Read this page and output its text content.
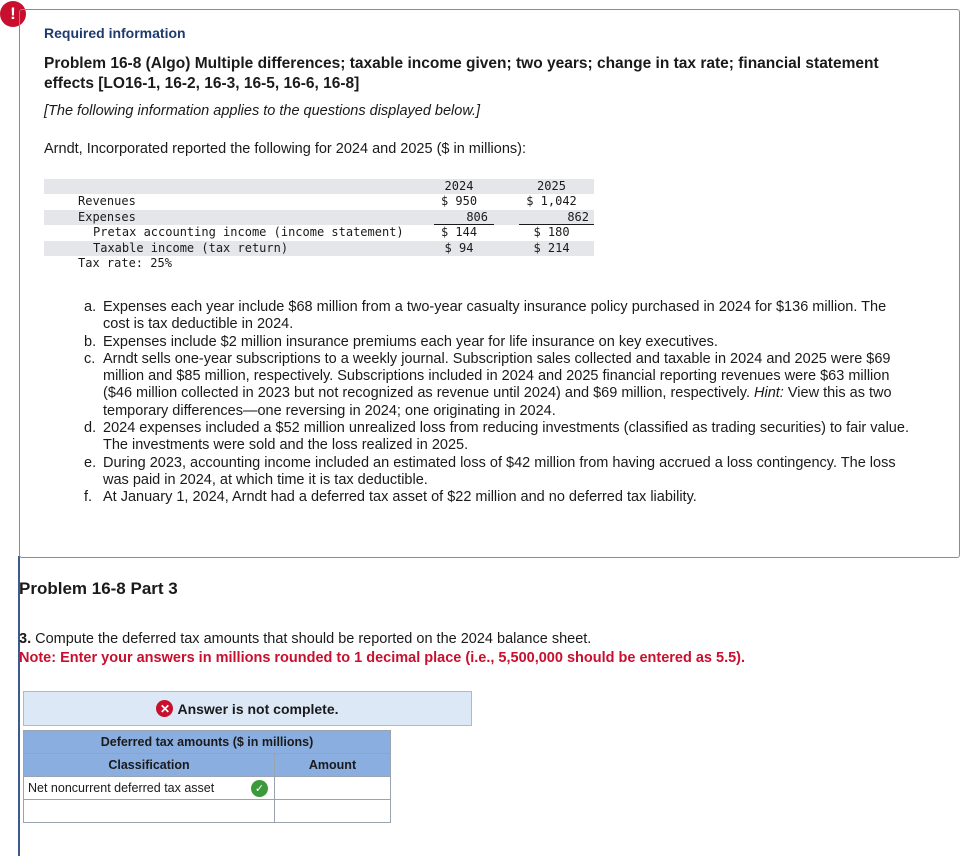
!
Required information
Problem 16-8 (Algo) Multiple differences; taxable income given; two years; change in tax rate; financial statement effects [LO16-1, 16-2, 16-3, 16-5, 16-6, 16-8]
[The following information applies to the questions displayed below.]
Arndt, Incorporated reported the following for 2024 and 2025 ($ in millions):
2024	2025
Revenues	$ 950	$ 1,042
Expenses	806	862
Pretax accounting income (income statement)	$ 144	$ 180
Taxable income (tax return)	$ 94	$ 214
Tax rate: 25%
a. Expenses each year include $68 million from a two-year casualty insurance policy purchased in 2024 for $136 million. The cost is tax deductible in 2024.
b. Expenses include $2 million insurance premiums each year for life insurance on key executives.
c. Arndt sells one-year subscriptions to a weekly journal. Subscription sales collected and taxable in 2024 and 2025 were $69 million and $85 million, respectively. Subscriptions included in 2024 and 2025 financial reporting revenues were $63 million ($46 million collected in 2023 but not recognized as revenue until 2024) and $69 million, respectively. Hint: View this as two temporary differences—one reversing in 2024; one originating in 2024.
d. 2024 expenses included a $52 million unrealized loss from reducing investments (classified as trading securities) to fair value. The investments were sold and the loss realized in 2025.
e. During 2023, accounting income included an estimated loss of $42 million from having accrued a loss contingency. The loss was paid in 2024, at which time it is tax deductible.
f. At January 1, 2024, Arndt had a deferred tax asset of $22 million and no deferred tax liability.
Problem 16-8 Part 3
3. Compute the deferred tax amounts that should be reported on the 2024 balance sheet.
Note: Enter your answers in millions rounded to 1 decimal place (i.e., 5,500,000 should be entered as 5.5).
✕ Answer is not complete.
Deferred tax amounts ($ in millions)	
Classification	Amount
Net noncurrent deferred tax asset ✓
